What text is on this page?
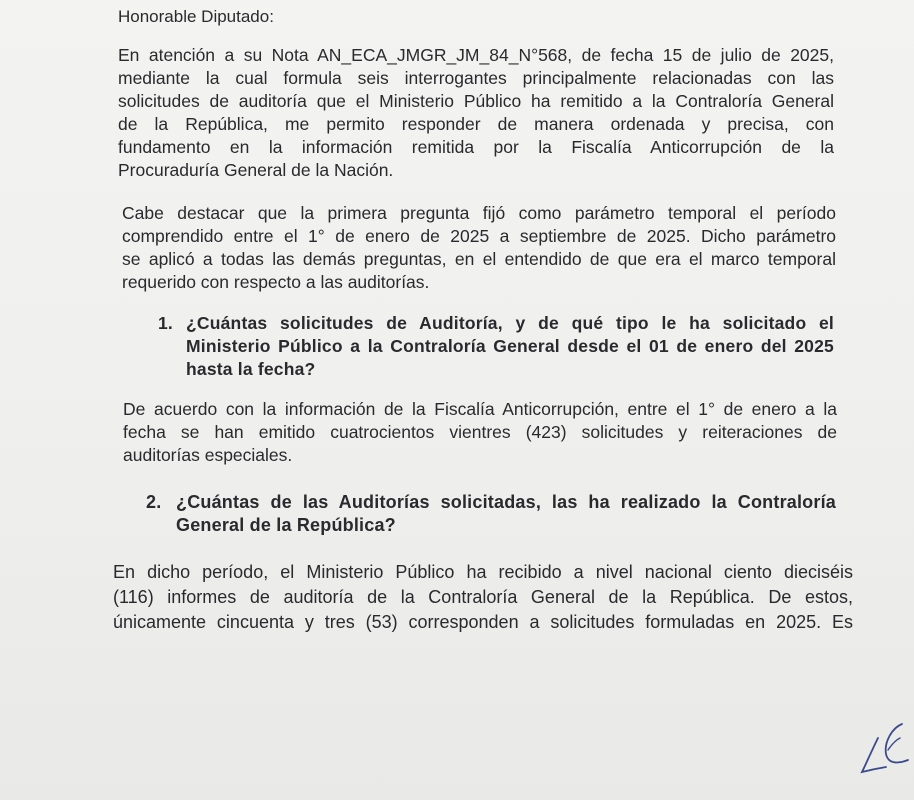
Honorable Diputado:
En atención a su Nota AN_ECA_JMGR_JM_84_N°568, de fecha 15 de julio de 2025,
mediante la cual formula seis interrogantes principalmente relacionadas con las
solicitudes de auditoría que el Ministerio Público ha remitido a la Contraloría General
de la República, me permito responder de manera ordenada y precisa, con
fundamento en la información remitida por la Fiscalía Anticorrupción de la
Procuraduría General de la Nación.
Cabe destacar que la primera pregunta fijó como parámetro temporal el período
comprendido entre el 1° de enero de 2025 a septiembre de 2025. Dicho parámetro
se aplicó a todas las demás preguntas, en el entendido de que era el marco temporal
requerido con respecto a las auditorías.
1. ¿Cuántas solicitudes de Auditoría, y de qué tipo le ha solicitado el
Ministerio Público a la Contraloría General desde el 01 de enero del 2025
hasta la fecha?
De acuerdo con la información de la Fiscalía Anticorrupción, entre el 1° de enero a la
fecha se han emitido cuatrocientos vientres (423) solicitudes y reiteraciones de
auditorías especiales.
2. ¿Cuántas de las Auditorías solicitadas, las ha realizado la Contraloría
General de la República?
En dicho período, el Ministerio Público ha recibido a nivel nacional ciento dieciséis
(116) informes de auditoría de la Contraloría General de la República. De estos,
únicamente cincuenta y tres (53) corresponden a solicitudes formuladas en 2025. Es
